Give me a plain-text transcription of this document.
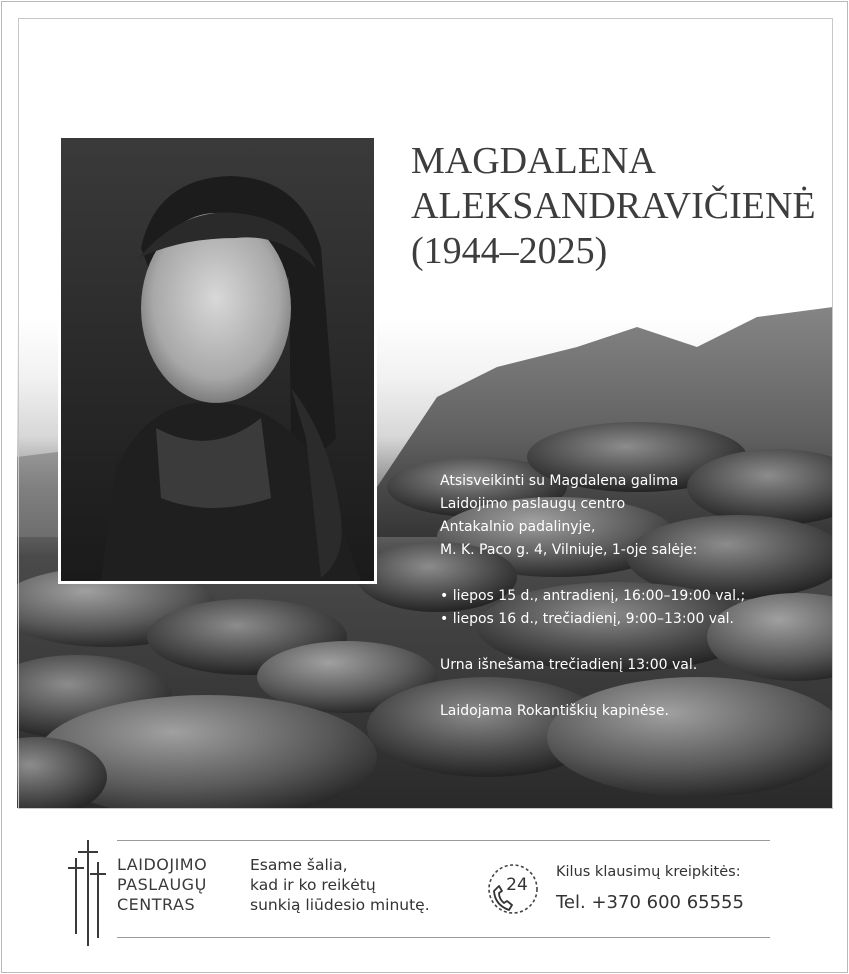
MAGDALENA
ALEKSANDRAVIČIENĖ
(1944–2025)

Atsisveikinti su Magdalena galima

Laidojimo paslaugų centro

Antakalnio padalinyje,

M. K. Paco g. 4, Vilniuje, 1-oje salėje:

• liepos 15 d., antradienį, 16:00–19:00 val.;

• liepos 16 d., trečiadienį, 9:00–13:00 val.

Urna išnešama trečiadienį 13:00 val.

Laidojama Rokantiškių kapinėse.

LAIDOJIMO
PASLAUGŲ
CENTRAS
Esame šalia,
kad ir ko reikėtų
sunkią liūdesio minutę.
24
Kilus klausimų kreipkitės:
Tel. +370 600 65555
